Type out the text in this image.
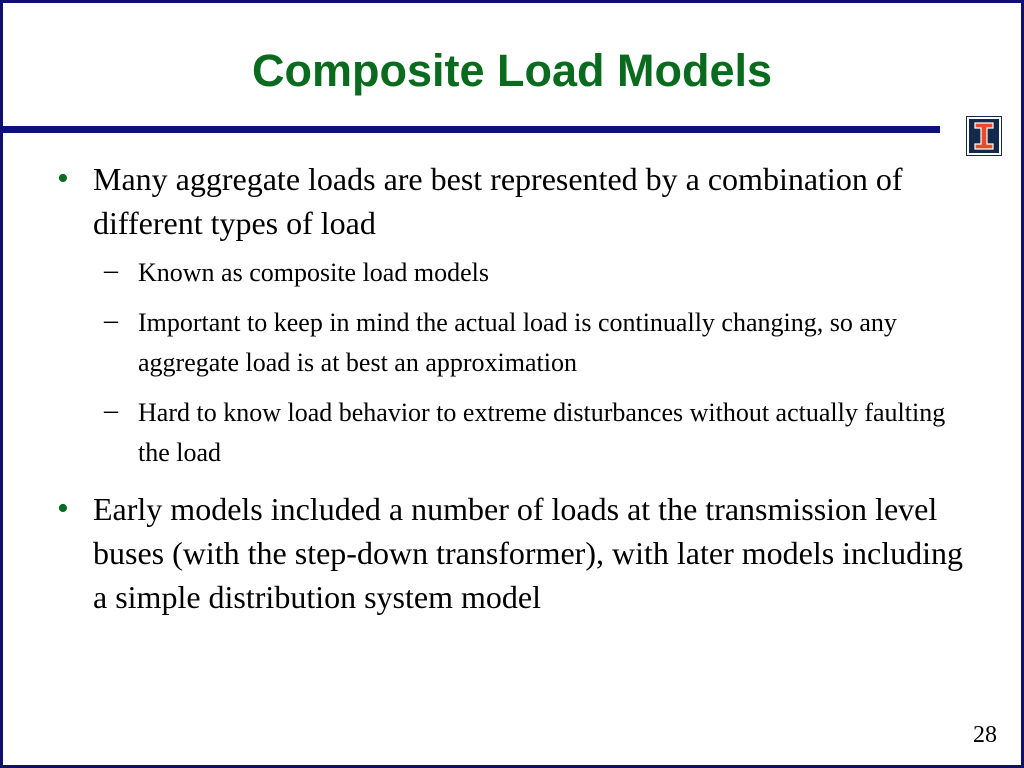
Composite Load Models
• Many aggregate loads are best represented by a combination of different types of load
– Known as composite load models
– Important to keep in mind the actual load is continually changing, so any aggregate load is at best an approximation
– Hard to know load behavior to extreme disturbances without actually faulting the load
• Early models included a number of loads at the transmission level buses (with the step-down transformer), with later models including a simple distribution system model
28
